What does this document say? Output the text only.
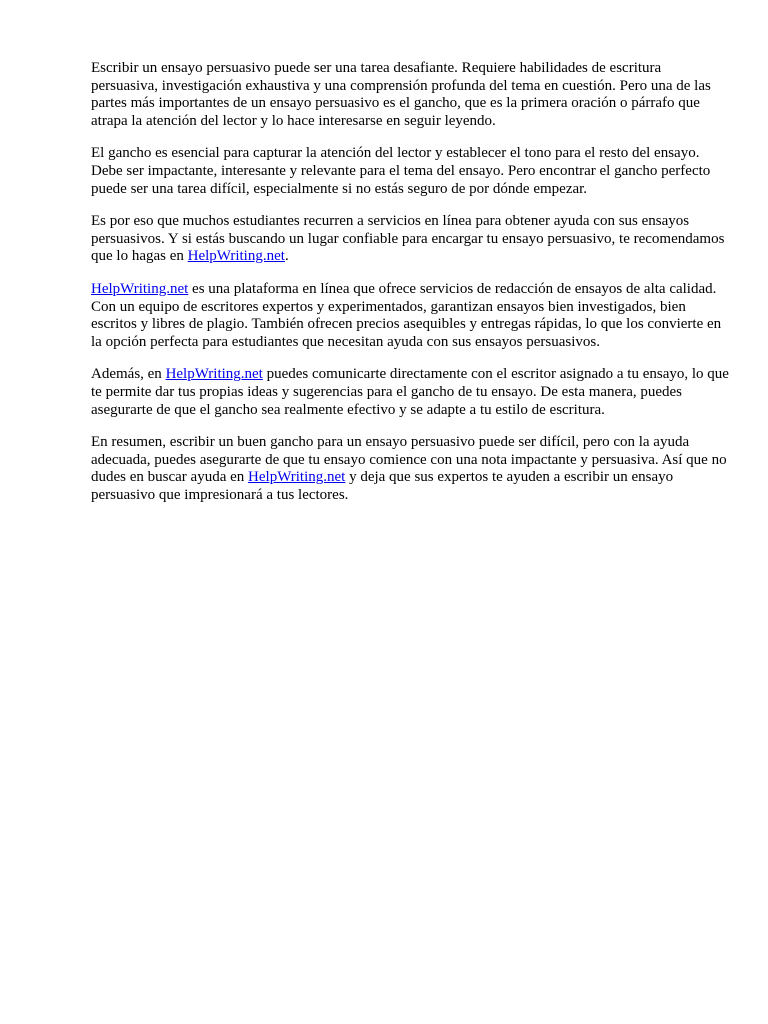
Escribir un ensayo persuasivo puede ser una tarea desafiante. Requiere habilidades de escritura persuasiva, investigación exhaustiva y una comprensión profunda del tema en cuestión. Pero una de las partes más importantes de un ensayo persuasivo es el gancho, que es la primera oración o párrafo que atrapa la atención del lector y lo hace interesarse en seguir leyendo.

El gancho es esencial para capturar la atención del lector y establecer el tono para el resto del ensayo. Debe ser impactante, interesante y relevante para el tema del ensayo. Pero encontrar el gancho perfecto puede ser una tarea difícil, especialmente si no estás seguro de por dónde empezar.

Es por eso que muchos estudiantes recurren a servicios en línea para obtener ayuda con sus ensayos persuasivos. Y si estás buscando un lugar confiable para encargar tu ensayo persuasivo, te recomendamos que lo hagas en HelpWriting.net.

HelpWriting.net es una plataforma en línea que ofrece servicios de redacción de ensayos de alta calidad. Con un equipo de escritores expertos y experimentados, garantizan ensayos bien investigados, bien escritos y libres de plagio. También ofrecen precios asequibles y entregas rápidas, lo que los convierte en la opción perfecta para estudiantes que necesitan ayuda con sus ensayos persuasivos.

Además, en HelpWriting.net puedes comunicarte directamente con el escritor asignado a tu ensayo, lo que te permite dar tus propias ideas y sugerencias para el gancho de tu ensayo. De esta manera, puedes asegurarte de que el gancho sea realmente efectivo y se adapte a tu estilo de escritura.

En resumen, escribir un buen gancho para un ensayo persuasivo puede ser difícil, pero con la ayuda adecuada, puedes asegurarte de que tu ensayo comience con una nota impactante y persuasiva. Así que no dudes en buscar ayuda en HelpWriting.net y deja que sus expertos te ayuden a escribir un ensayo persuasivo que impresionará a tus lectores.
